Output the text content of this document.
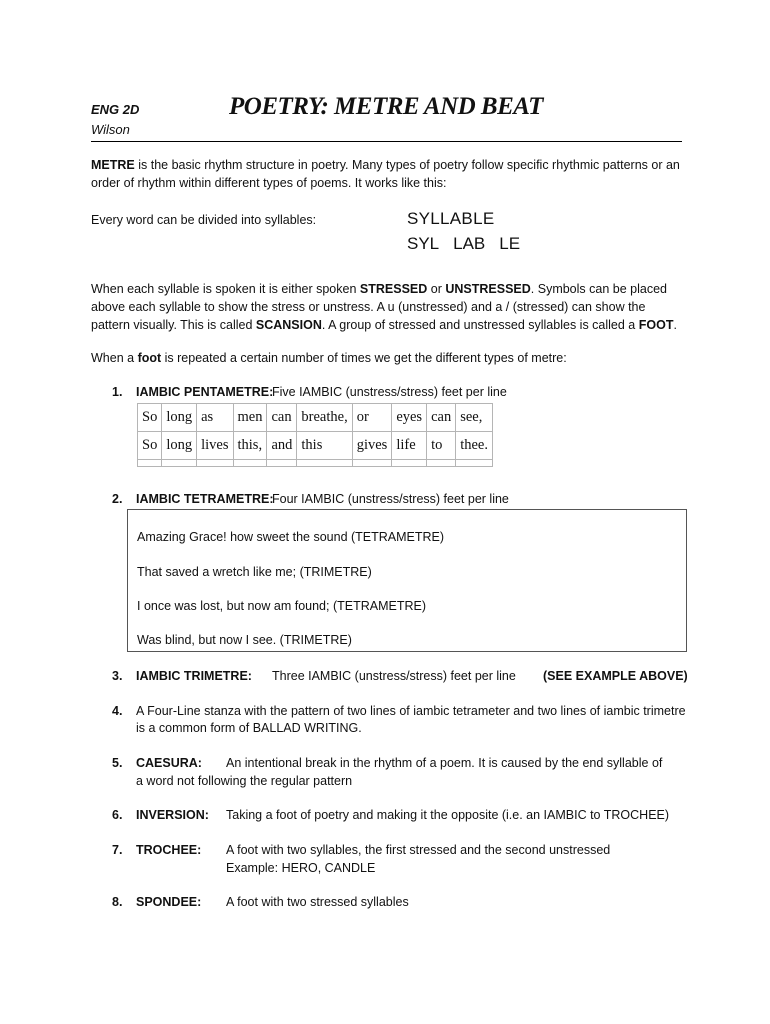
ENG 2D
Wilson
POETRY: METRE AND BEAT
METRE is the basic rhythm structure in poetry. Many types of poetry follow specific rhythmic patterns or an order of rhythm within different types of poems. It works like this:
Every word can be divided into syllables:	SYLLABLE
SYL LAB LE
When each syllable is spoken it is either spoken STRESSED or UNSTRESSED. Symbols can be placed above each syllable to show the stress or unstress. A u (unstressed) and a / (stressed) can show the pattern visually. This is called SCANSION. A group of stressed and unstressed syllables is called a FOOT.
When a foot is repeated a certain number of times we get the different types of metre:
1. IAMBIC PENTAMETRE:
Five IAMBIC (unstress/stress) feet per line
So	long	as	men	can	breathe,	or	eyes	can	see,
So	long	lives	this,	and	this	gives	life	to	thee.

2. IAMBIC TETRAMETRE:
Four IAMBIC (unstress/stress) feet per line
Amazing Grace! how sweet the sound (TETRAMETRE)
That saved a wretch like me; (TRIMETRE)
I once was lost, but now am found; (TETRAMETRE)
Was blind, but now I see. (TRIMETRE)
3. IAMBIC TRIMETRE: Three IAMBIC (unstress/stress) feet per line (SEE EXAMPLE ABOVE)
4. A Four-Line stanza with the pattern of two lines of iambic tetrameter and two lines of iambic trimetre is a common form of BALLAD WRITING.
5. CAESURA: An intentional break in the rhythm of a poem. It is caused by the end syllable of
a word not following the regular pattern
6. INVERSION: Taking a foot of poetry and making it the opposite (i.e. an IAMBIC to TROCHEE)
7. TROCHEE: A foot with two syllables, the first stressed and the second unstressed
Example: HERO, CANDLE
8. SPONDEE: A foot with two stressed syllables
